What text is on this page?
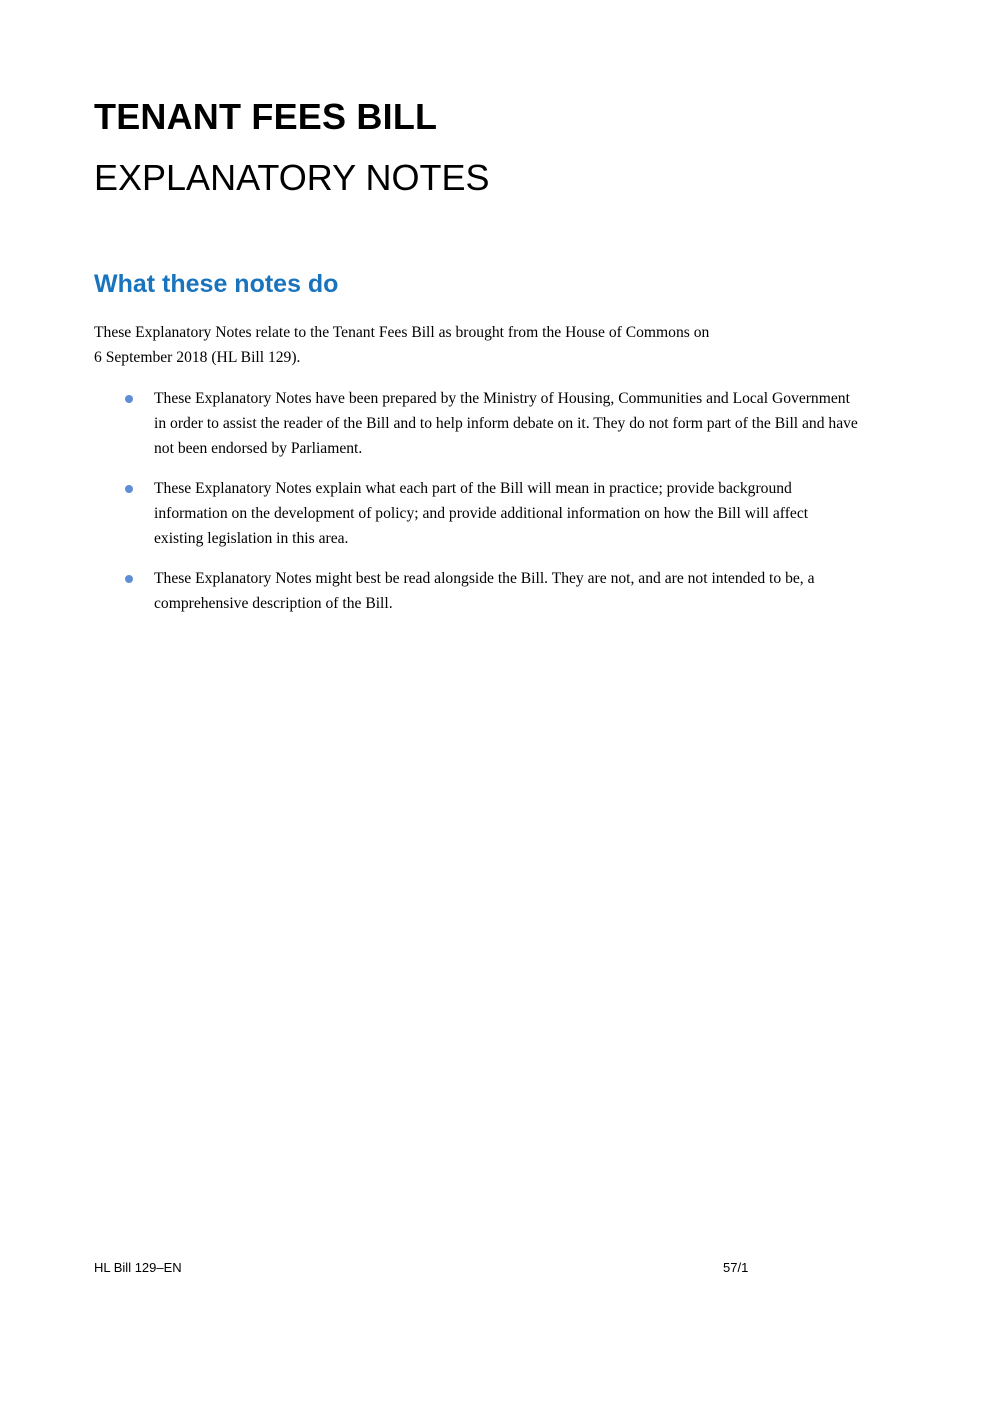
TENANT FEES BILL
EXPLANATORY NOTES
What these notes do

These Explanatory Notes relate to the Tenant Fees Bill as brought from the House of Commons on
6 September 2018 (HL Bill 129).

These Explanatory Notes have been prepared by the Ministry of Housing, Communities and Local Government in order to assist the reader of the Bill and to help inform debate on it. They do not form part of the Bill and have not been endorsed by Parliament.
These Explanatory Notes explain what each part of the Bill will mean in practice; provide background information on the development of policy; and provide additional information on how the Bill will affect existing legislation in this area.
These Explanatory Notes might best be read alongside the Bill. They are not, and are not intended to be, a comprehensive description of the Bill.

HL Bill 129–EN	57/1
